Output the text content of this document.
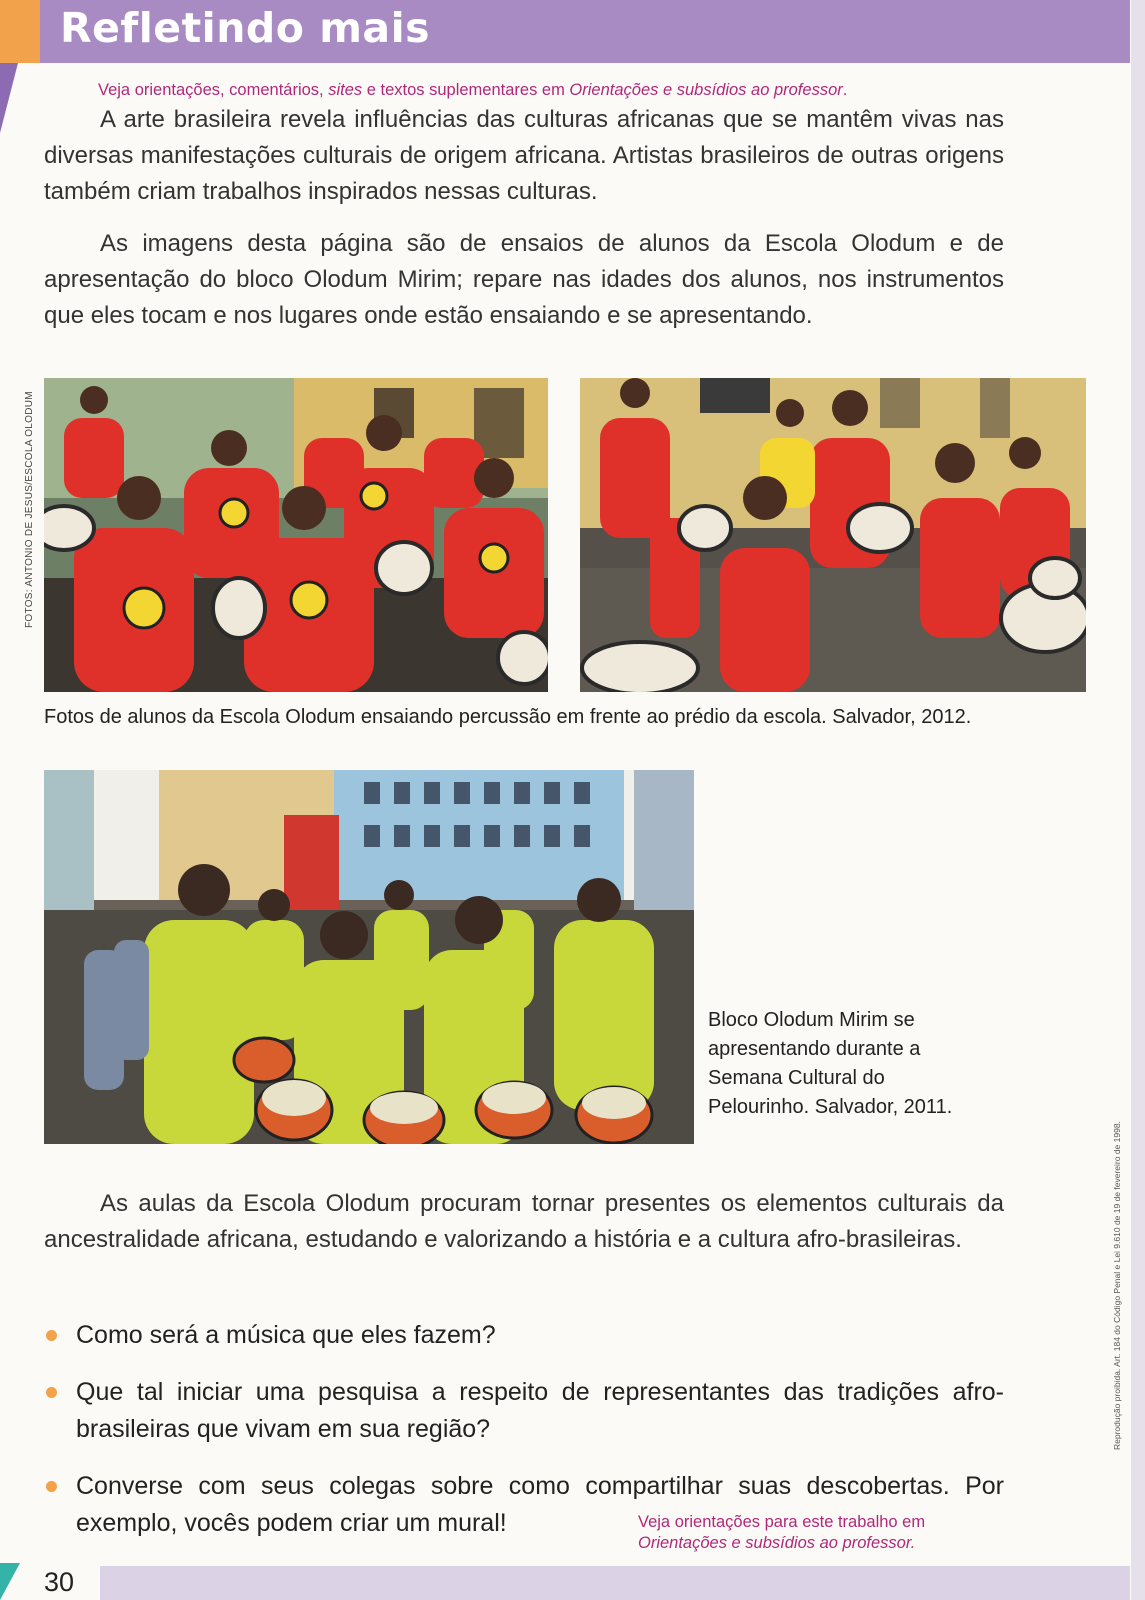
Refletindo mais
Veja orientações, comentários, sites e textos suplementares em Orientações e subsídios ao professor.

A arte brasileira revela influências das culturas africanas que se mantêm vivas nas diversas manifestações culturais de origem africana. Artistas brasileiros de outras origens também criam trabalhos inspirados nessas culturas.

As imagens desta página são de ensaios de alunos da Escola Olodum e de apresentação do bloco Olodum Mirim; repare nas idades dos alunos, nos instrumentos que eles tocam e nos lugares onde estão ensaiando e se apresentando.

FOTOS: ANTONIO DE JESUS/ESCOLA OLODUM
Fotos de alunos da Escola Olodum ensaiando percussão em frente ao prédio da escola. Salvador, 2012.
Bloco Olodum Mirim se apresentando durante a Semana Cultural do Pelourinho. Salvador, 2011.
Reprodução proibida. Art. 184 do Código Penal e Lei 9.610 de 19 de fevereiro de 1998.

As aulas da Escola Olodum procuram tornar presentes os elementos culturais da ancestralidade africana, estudando e valorizando a história e a cultura afro-brasileiras.

Como será a música que eles fazem?
Que tal iniciar uma pesquisa a respeito de representantes das tradições afro-brasileiras que vivam em sua região?
Converse com seus colegas sobre como compartilhar suas descobertas. Por exemplo, vocês podem criar um mural!	Veja orientações para este trabalho em
Orientações e subsídios ao professor.
30
